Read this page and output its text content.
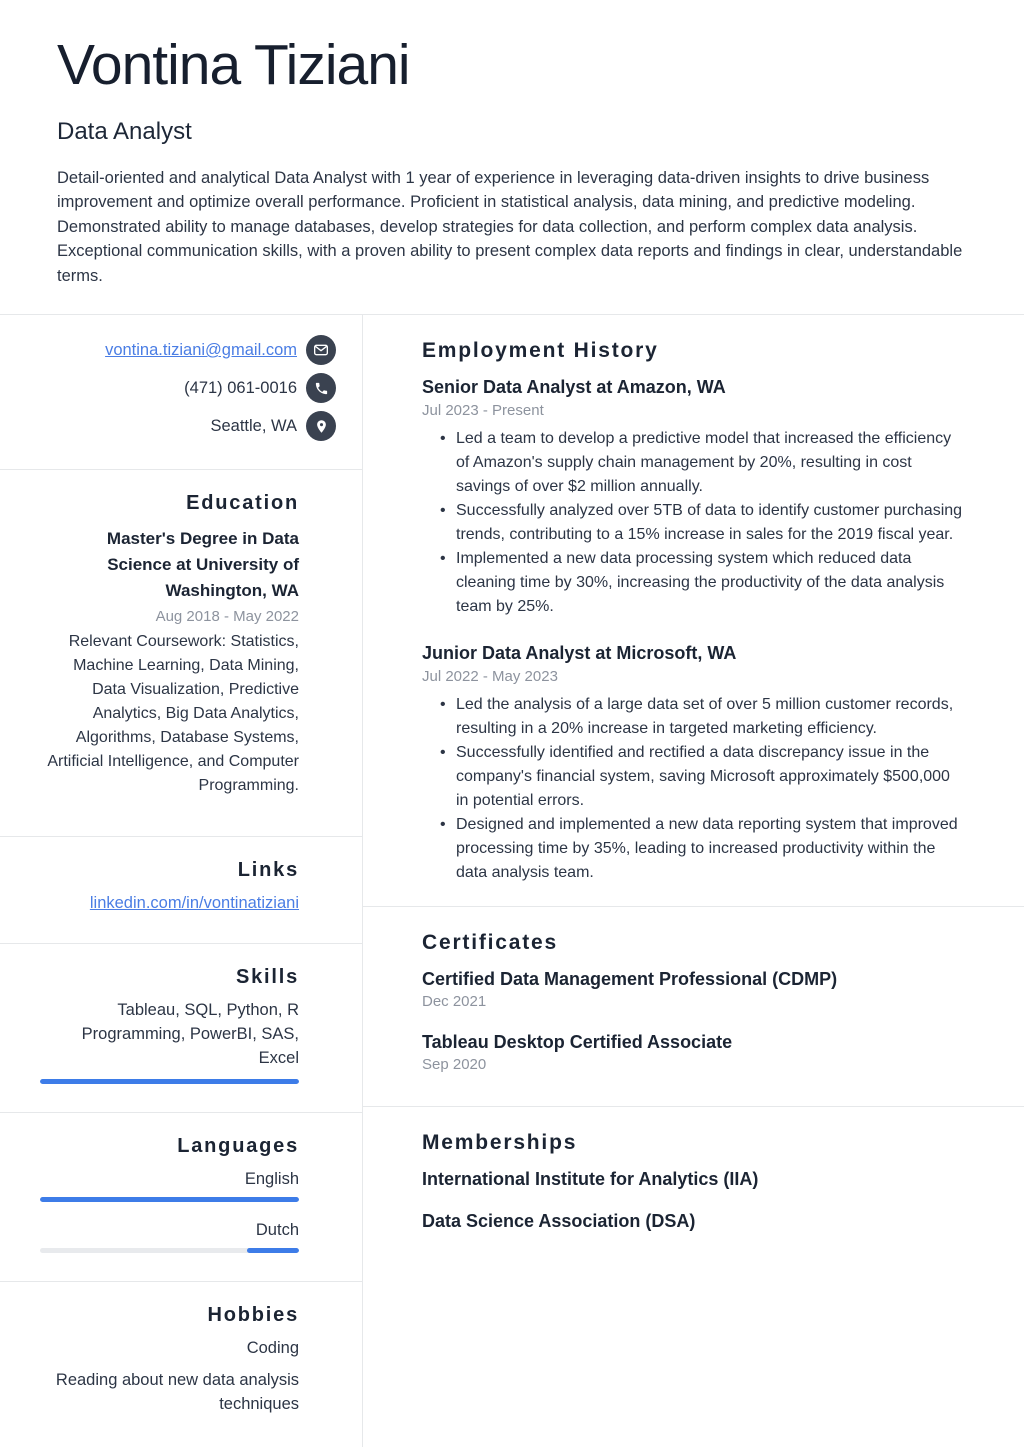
Vontina Tiziani
Data Analyst
Detail-oriented and analytical Data Analyst with 1 year of experience in leveraging data-driven insights to drive business improvement and optimize overall performance. Proficient in statistical analysis, data mining, and predictive modeling. Demonstrated ability to manage databases, develop strategies for data collection, and perform complex data analysis. Exceptional communication skills, with a proven ability to present complex data reports and findings in clear, understandable terms.
vontina.tiziani@gmail.com
(471) 061-0016
Seattle, WA
Education
Master's Degree in Data Science at University of Washington, WA
Aug 2018 - May 2022
Relevant Coursework: Statistics, Machine Learning, Data Mining, Data Visualization, Predictive Analytics, Big Data Analytics, Algorithms, Database Systems, Artificial Intelligence, and Computer Programming.
Links
linkedin.com/in/vontinatiziani
Skills
Tableau, SQL, Python, R Programming, PowerBI, SAS, Excel
Languages
English
Dutch
Hobbies
Coding
Reading about new data analysis techniques
Employment History
Senior Data Analyst at Amazon, WA
Jul 2023 - Present
• Led a team to develop a predictive model that increased the efficiency of Amazon's supply chain management by 20%, resulting in cost savings of over $2 million annually.
• Successfully analyzed over 5TB of data to identify customer purchasing trends, contributing to a 15% increase in sales for the 2019 fiscal year.
• Implemented a new data processing system which reduced data cleaning time by 30%, increasing the productivity of the data analysis team by 25%.
Junior Data Analyst at Microsoft, WA
Jul 2022 - May 2023
• Led the analysis of a large data set of over 5 million customer records, resulting in a 20% increase in targeted marketing efficiency.
• Successfully identified and rectified a data discrepancy issue in the company's financial system, saving Microsoft approximately $500,000 in potential errors.
• Designed and implemented a new data reporting system that improved processing time by 35%, leading to increased productivity within the data analysis team.
Certificates
Certified Data Management Professional (CDMP)
Dec 2021
Tableau Desktop Certified Associate
Sep 2020
Memberships
International Institute for Analytics (IIA)
Data Science Association (DSA)
